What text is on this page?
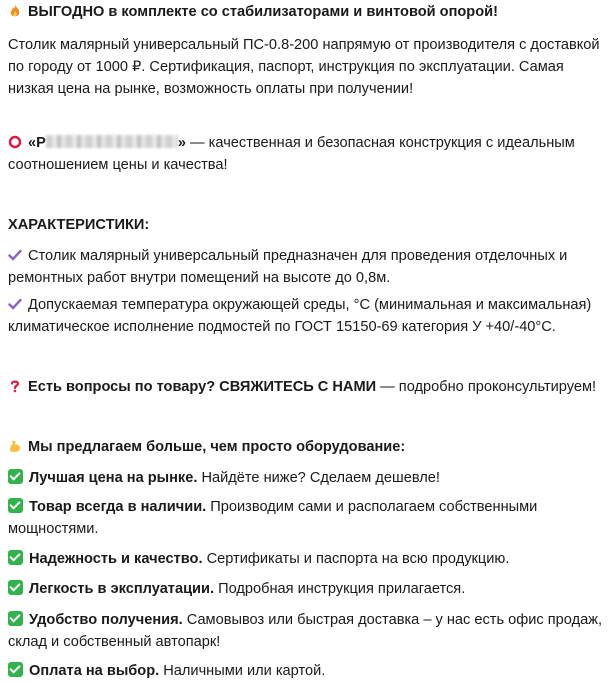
ВЫГОДНО в комплекте со стабилизаторами и винтовой опорой!

Столик малярный универсальный ПС-0.8-200 напрямую от производителя с доставкой
по городу от 1000 ₽. Сертификация, паспорт, инструкция по эксплуатации. Самая
низкая цена на рынке, возможность оплаты при получении!
«Р	» — качественная и безопасная конструкция с идеальным
соотношением цены и качества!

ХАРАКТЕРИСТИКИ:

Столик малярный универсальный предназначен для проведения отделочных и
ремонтных работ внутри помещений на высоте до 0,8м.
Допускаемая температура окружающей среды, °С (минимальная и максимальная)
климатическое исполнение подмостей по ГОСТ 15150-69 категория У +40/-40°С.

Есть вопросы по товару? СВЯЖИТЕСЬ С НАМИ — подробно проконсультируем!

Мы предлагаем больше, чем просто оборудование:

Лучшая цена на рынке. Найдёте ниже? Сделаем дешевле!
Товар всегда в наличии. Производим сами и располагаем собственными
мощностями.
Надежность и качество. Сертификаты и паспорта на всю продукцию.
Легкость в эксплуатации. Подробная инструкция прилагается.
Удобство получения. Самовывоз или быстрая доставка – у нас есть офис продаж,
склад и собственный автопарк!
Оплата на выбор. Наличными или картой.
